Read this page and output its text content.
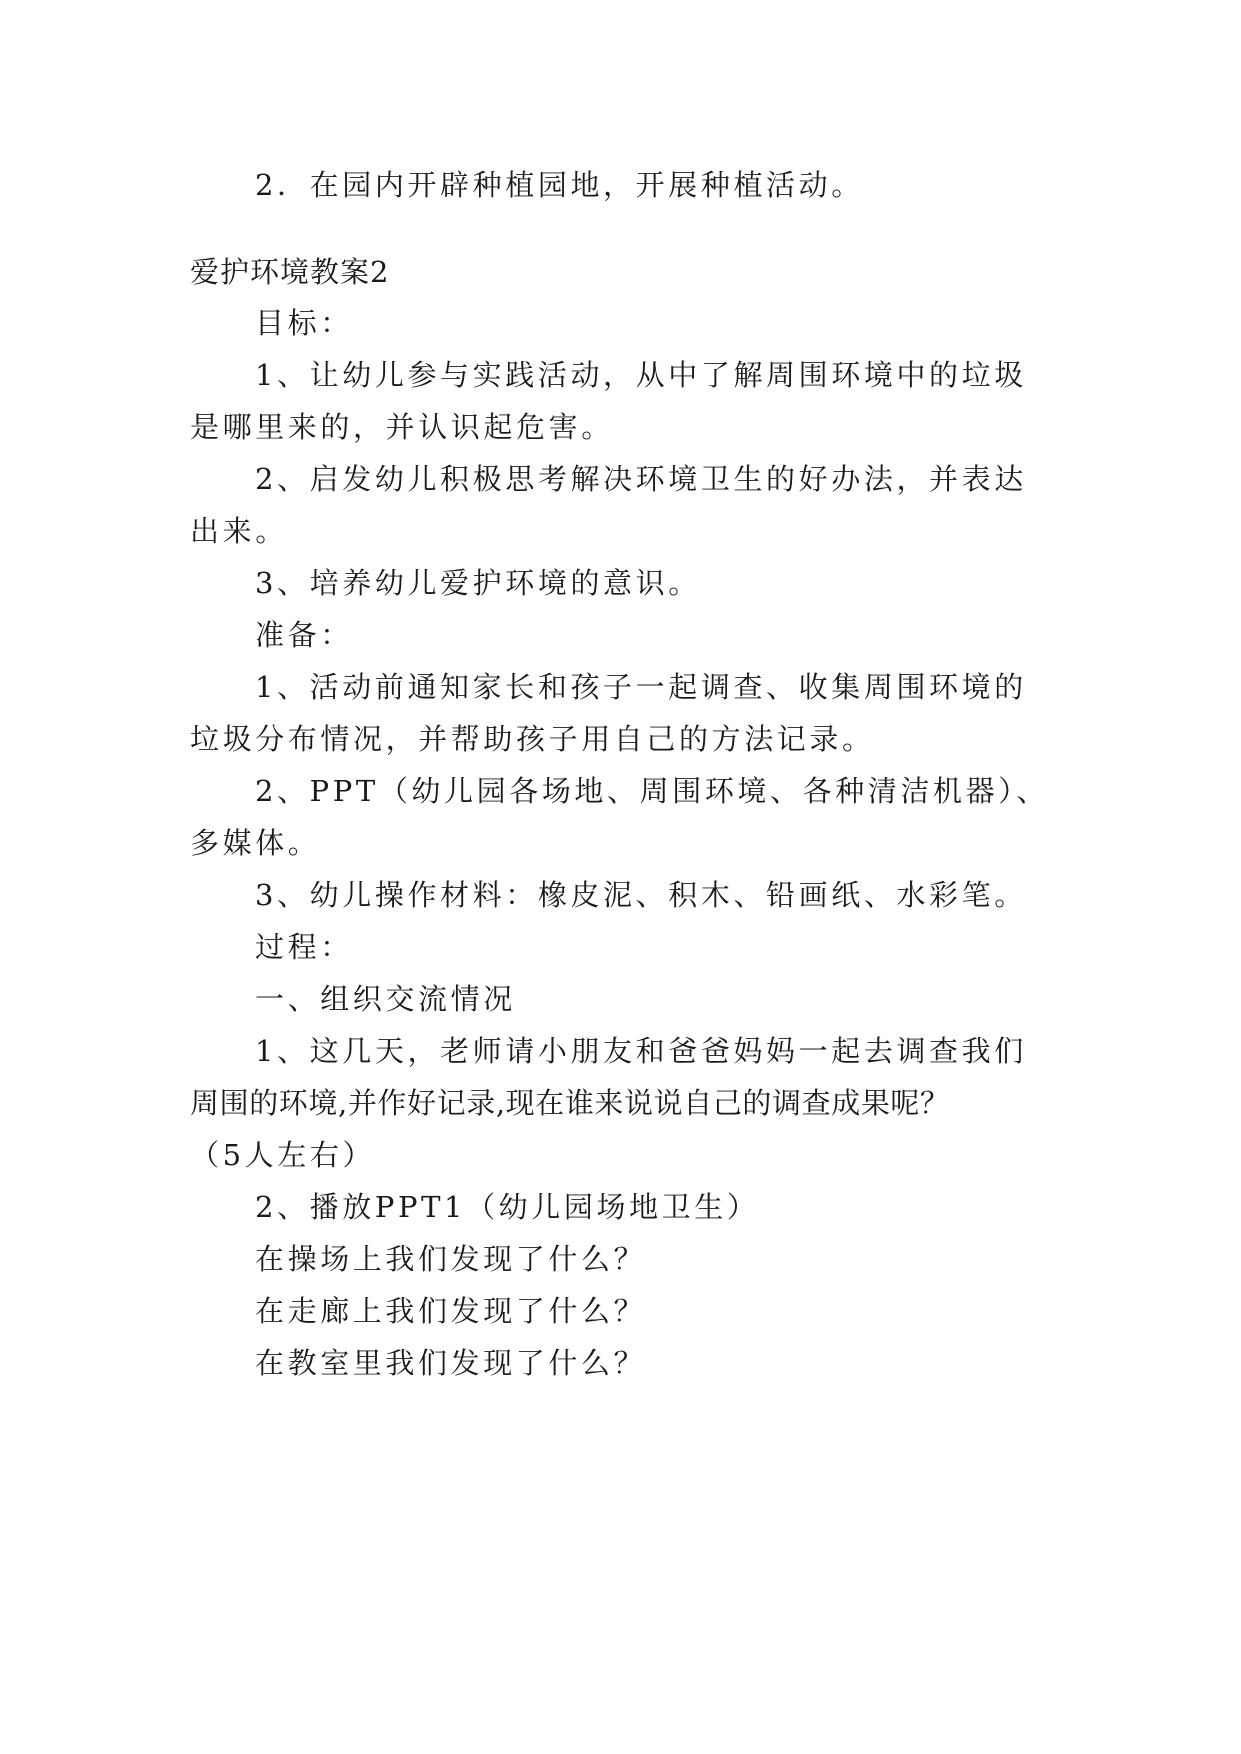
2．在园内开辟种植园地，开展种植活动。
爱护环境教案2
目标：
1、让幼儿参与实践活动，从中了解周围环境中的垃圾
是哪里来的，并认识起危害。
2、启发幼儿积极思考解决环境卫生的好办法，并表达
出来。
3、培养幼儿爱护环境的意识。
准备：
1、活动前通知家长和孩子一起调查、收集周围环境的
垃圾分布情况，并帮助孩子用自己的方法记录。
2、PPT（幼儿园各场地、周围环境、各种清洁机器）、
多媒体。
3、幼儿操作材料：橡皮泥、积木、铅画纸、水彩笔。
过程：
一、组织交流情况
1、这几天，老师请小朋友和爸爸妈妈一起去调查我们
周围的环境,并作好记录,现在谁来说说自己的调查成果呢？
（5人左右）
2、播放PPT1（幼儿园场地卫生）
在操场上我们发现了什么？
在走廊上我们发现了什么？
在教室里我们发现了什么？
